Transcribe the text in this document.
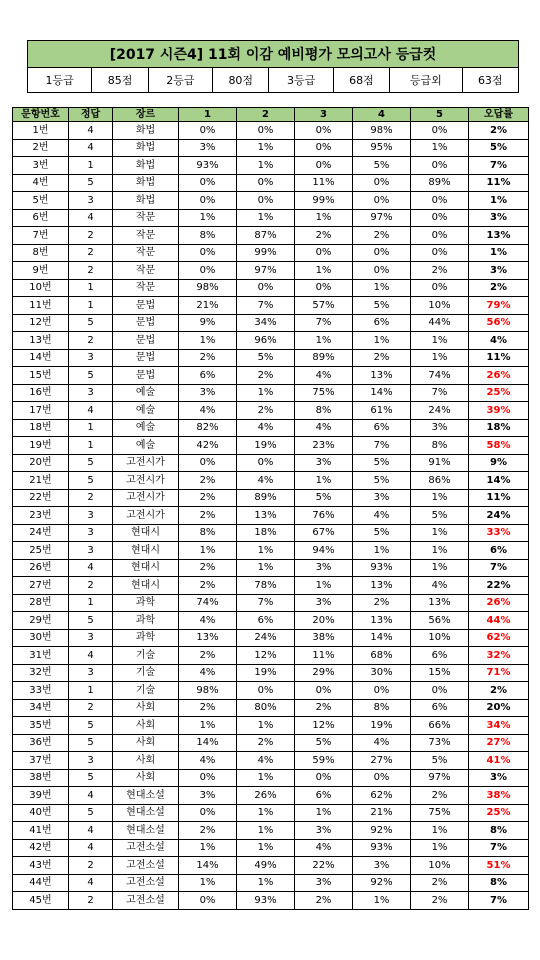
[2017 시즌4] 11회 이감 예비평가 모의고사 등급컷
1등급	85점	2등급	80점	3등급	68점	등급외	63점
문항번호	정답	장르	1	2	3	4	5	오답률
1번	4	화법	0%	0%	0%	98%	0%	2%
2번	4	화법	3%	1%	0%	95%	1%	5%
3번	1	화법	93%	1%	0%	5%	0%	7%
4번	5	화법	0%	0%	11%	0%	89%	11%
5번	3	화법	0%	0%	99%	0%	0%	1%
6번	4	작문	1%	1%	1%	97%	0%	3%
7번	2	작문	8%	87%	2%	2%	0%	13%
8번	2	작문	0%	99%	0%	0%	0%	1%
9번	2	작문	0%	97%	1%	0%	2%	3%
10번	1	작문	98%	0%	0%	1%	0%	2%
11번	1	문법	21%	7%	57%	5%	10%	79%
12번	5	문법	9%	34%	7%	6%	44%	56%
13번	2	문법	1%	96%	1%	1%	1%	4%
14번	3	문법	2%	5%	89%	2%	1%	11%
15번	5	문법	6%	2%	4%	13%	74%	26%
16번	3	예술	3%	1%	75%	14%	7%	25%
17번	4	예술	4%	2%	8%	61%	24%	39%
18번	1	예술	82%	4%	4%	6%	3%	18%
19번	1	예술	42%	19%	23%	7%	8%	58%
20번	5	고전시가	0%	0%	3%	5%	91%	9%
21번	5	고전시가	2%	4%	1%	5%	86%	14%
22번	2	고전시가	2%	89%	5%	3%	1%	11%
23번	3	고전시가	2%	13%	76%	4%	5%	24%
24번	3	현대시	8%	18%	67%	5%	1%	33%
25번	3	현대시	1%	1%	94%	1%	1%	6%
26번	4	현대시	2%	1%	3%	93%	1%	7%
27번	2	현대시	2%	78%	1%	13%	4%	22%
28번	1	과학	74%	7%	3%	2%	13%	26%
29번	5	과학	4%	6%	20%	13%	56%	44%
30번	3	과학	13%	24%	38%	14%	10%	62%
31번	4	기술	2%	12%	11%	68%	6%	32%
32번	3	기술	4%	19%	29%	30%	15%	71%
33번	1	기술	98%	0%	0%	0%	0%	2%
34번	2	사회	2%	80%	2%	8%	6%	20%
35번	5	사회	1%	1%	12%	19%	66%	34%
36번	5	사회	14%	2%	5%	4%	73%	27%
37번	3	사회	4%	4%	59%	27%	5%	41%
38번	5	사회	0%	1%	0%	0%	97%	3%
39번	4	현대소설	3%	26%	6%	62%	2%	38%
40번	5	현대소설	0%	1%	1%	21%	75%	25%
41번	4	현대소설	2%	1%	3%	92%	1%	8%
42번	4	고전소설	1%	1%	4%	93%	1%	7%
43번	2	고전소설	14%	49%	22%	3%	10%	51%
44번	4	고전소설	1%	1%	3%	92%	2%	8%
45번	2	고전소설	0%	93%	2%	1%	2%	7%
